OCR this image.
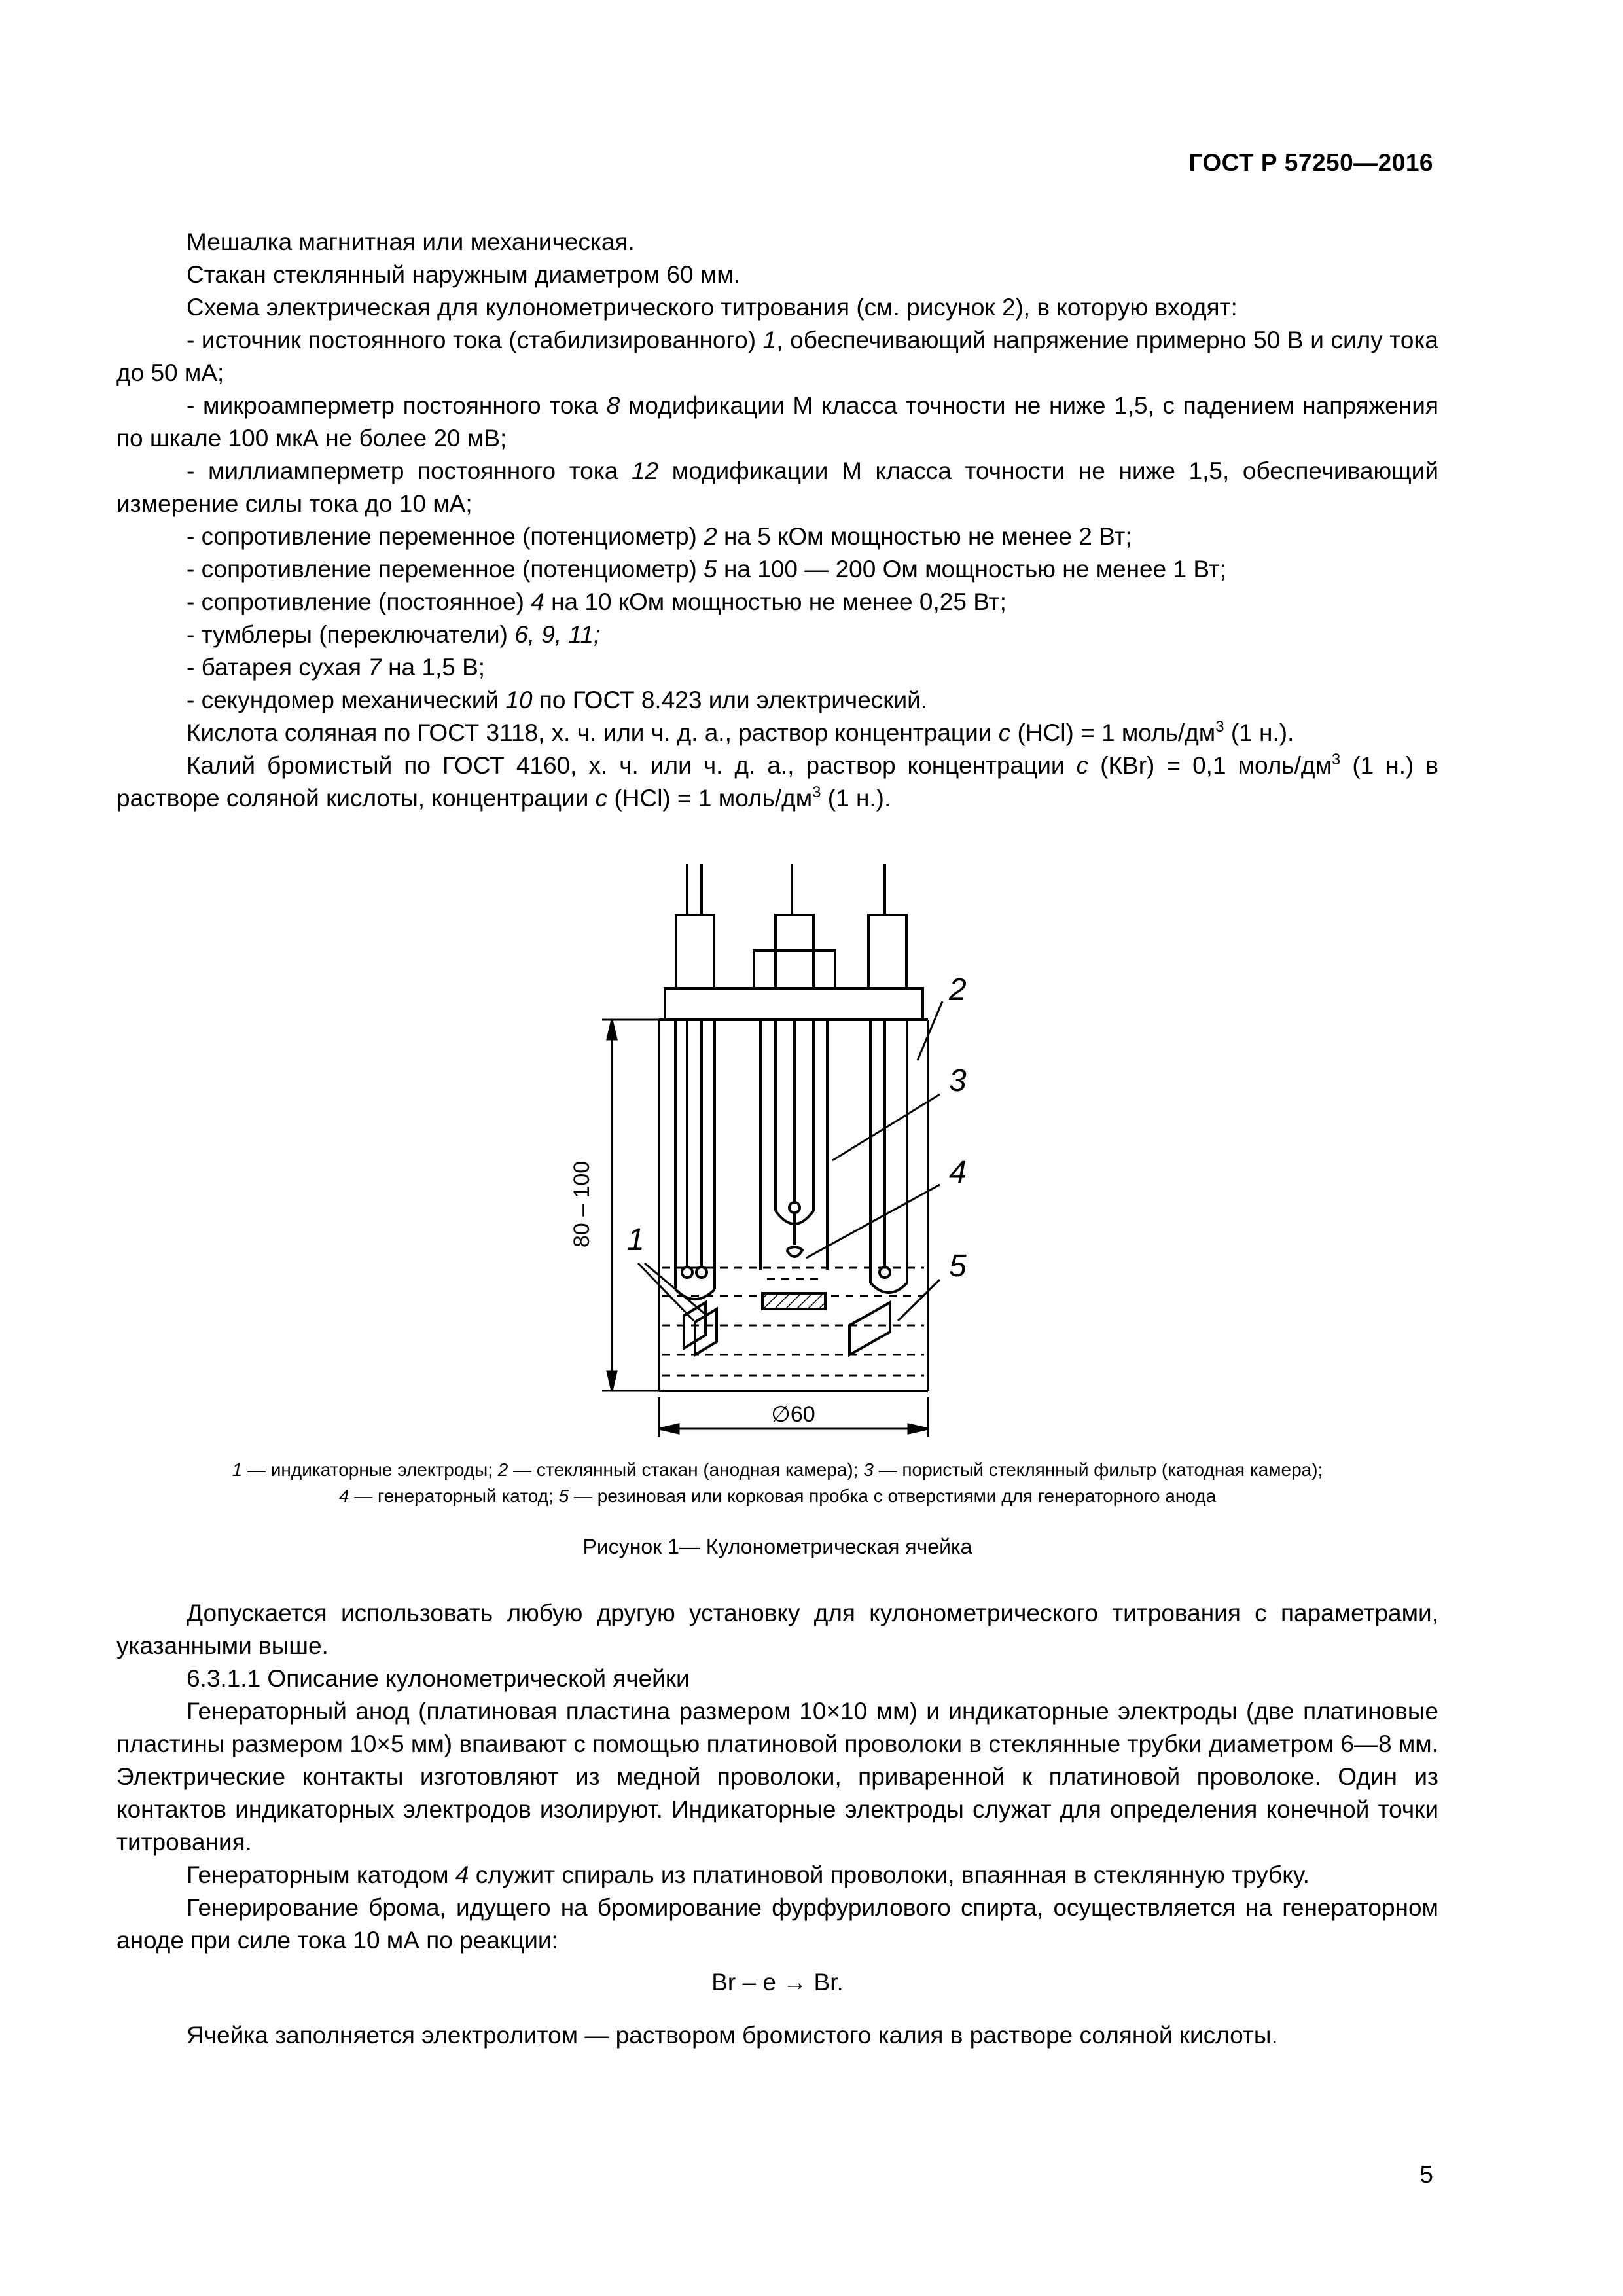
ГОСТ Р 57250—2016

Мешалка магнитная или механическая.

Стакан стеклянный наружным диаметром 60 мм.

Схема электрическая для кулонометрического титрования (см. рисунок 2), в которую входят:

- источник постоянного тока (стабилизированного) 1, обеспечивающий напряжение примерно 50 В и силу тока до 50 мА;

- микроамперметр постоянного тока 8 модификации М класса точности не ниже 1,5, с падением напряжения по шкале 100 мкА не более 20 мВ;

- миллиамперметр постоянного тока 12 модификации М класса точности не ниже 1,5, обеспечивающий измерение силы тока до 10 мА;

- сопротивление переменное (потенциометр) 2 на 5 кОм мощностью не менее 2 Вт;

- сопротивление переменное (потенциометр) 5 на 100 — 200 Ом мощностью не менее 1 Вт;

- сопротивление (постоянное) 4 на 10 кОм мощностью не менее 0,25 Вт;

- тумблеры (переключатели) 6, 9, 11;

- батарея сухая 7 на 1,5 В;

- секундомер механический 10 по ГОСТ 8.423 или электрический.

Кислота соляная по ГОСТ 3118, х. ч. или ч. д. а., раствор концентрации c (HCl) = 1 моль/$дм^3$ (1 н.).

Калий бромистый по ГОСТ 4160, х. ч. или ч. д. а., раствор концентрации c (КBr) = 0,1 моль/$дм^3$ (1 н.) в растворе соляной кислоты, концентрации c (HCl) = 1 моль/$дм^3$ (1 н.).

1
2
3
4
5
80 – 100
∅60
1 — индикаторные электроды; 2 — стеклянный стакан (анодная камера); 3 — пористый стеклянный фильтр (катодная камера);
4 — генераторный катод; 5 — резиновая или корковая пробка с отверстиями для генераторного анода
Рисунок 1— Кулонометрическая ячейка

Допускается использовать любую другую установку для кулонометрического титрования с параметрами, указанными выше.

6.3.1.1 Описание кулонометрической ячейки

Генераторный анод (платиновая пластина размером 10×10 мм) и индикаторные электроды (две платиновые пластины размером 10×5 мм) впаивают с помощью платиновой проволоки в стеклянные трубки диаметром 6—8 мм. Электрические контакты изготовляют из медной проволоки, приваренной к платиновой проволоке. Один из контактов индикаторных электродов изолируют. Индикаторные электроды служат для определения конечной точки титрования.

Генераторным катодом 4 служит спираль из платиновой проволоки, впаянная в стеклянную трубку.

Генерирование брома, идущего на бромирование фурфурилового спирта, осуществляется на генераторном аноде при силе тока 10 мА по реакции:

Br – e → Br.

Ячейка заполняется электролитом — раствором бромистого калия в растворе соляной кислоты.

5
